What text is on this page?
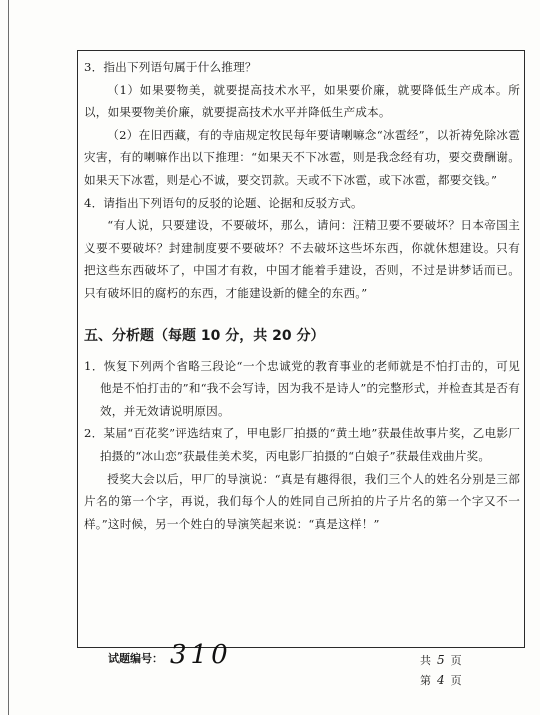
3．指出下列语句属于什么推理？

（1）如果要物美，就要提高技术水平，如果要价廉，就要降低生产成本。所以，如果要物美价廉，就要提高技术水平并降低生产成本。

（2）在旧西藏，有的寺庙规定牧民每年要请喇嘛念“冰雹经”，以祈祷免除冰雹灾害，有的喇嘛作出以下推理：“如果天不下冰雹，则是我念经有功，要交费酬谢。如果天下冰雹，则是心不诚，要交罚款。天或不下冰雹，或下冰雹，都要交钱。”

4．请指出下列语句的反驳的论题、论据和反驳方式。

“有人说，只要建设，不要破坏，那么，请问：汪精卫要不要破坏？日本帝国主义要不要破坏？封建制度要不要破坏？不去破坏这些坏东西，你就休想建设。只有把这些东西破坏了，中国才有救，中国才能着手建设，否则，不过是讲梦话而已。只有破坏旧的腐朽的东西，才能建设新的健全的东西。”

五、分析题（每题 10 分，共 20 分）

1．恢复下列两个省略三段论“一个忠诚党的教育事业的老师就是不怕打击的，可见他是不怕打击的”和“我不会写诗，因为我不是诗人”的完整形式，并检查其是否有效，并无效请说明原因。

2．某届“百花奖”评选结束了，甲电影厂拍摄的“黄土地”获最佳故事片奖，乙电影厂拍摄的“冰山恋”获最佳美术奖，丙电影厂拍摄的“白娘子”获最佳戏曲片奖。

授奖大会以后，甲厂的导演说：“真是有趣得很，我们三个人的姓名分别是三部片名的第一个字，再说，我们每个人的姓同自己所拍的片子片名的第一个字又不一样。”这时候，另一个姓白的导演笑起来说：“真是这样！”

试题编号： 310	共 5 页
第 4 页
